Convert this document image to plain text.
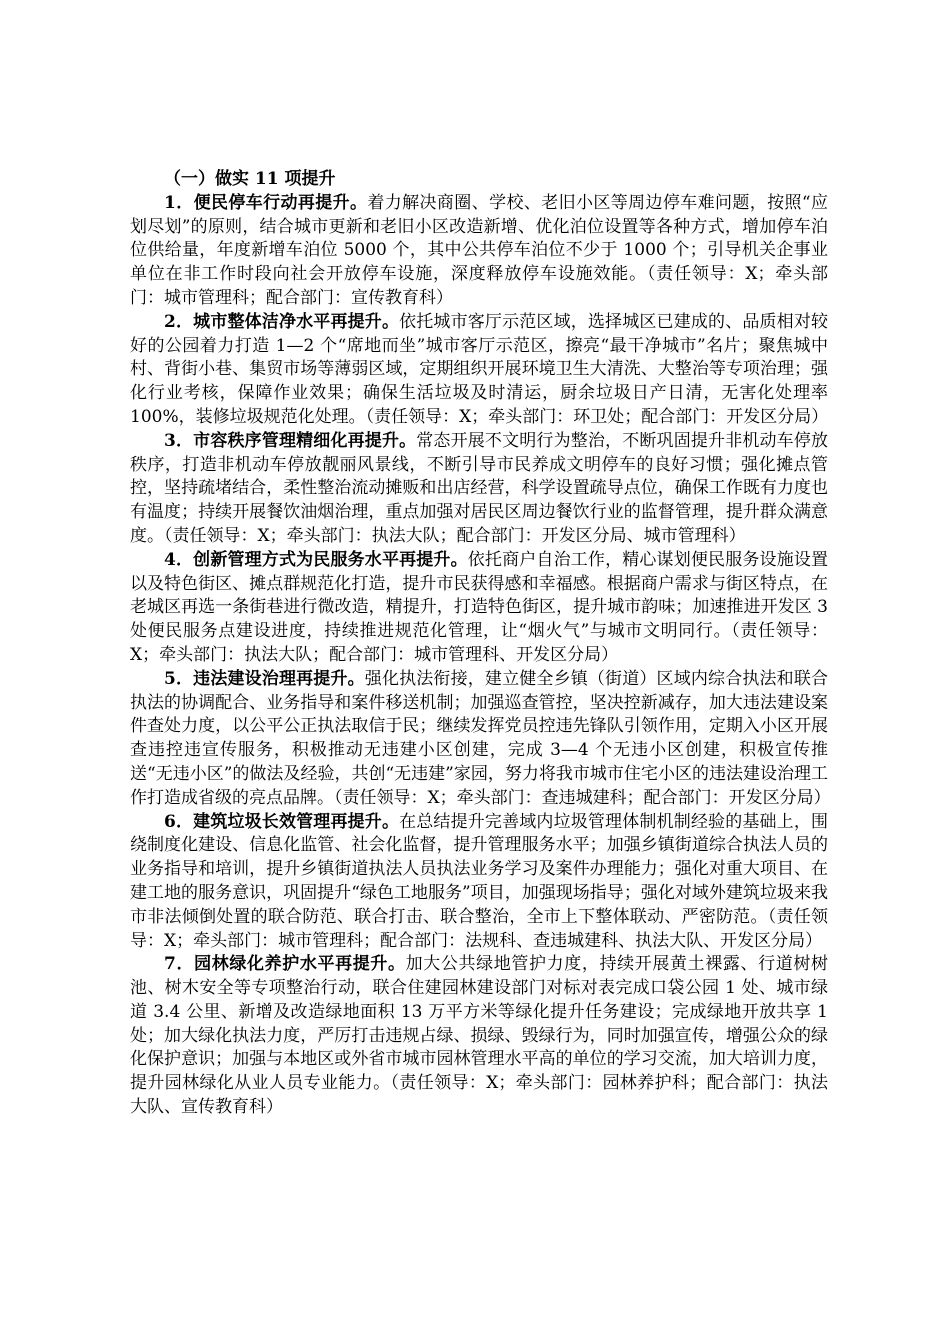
（一）做实 11 项提升

1．便民停车行动再提升。着力解决商圈、学校、老旧小区等周边停车难问题，按照“应划尽划”的原则，结合城市更新和老旧小区改造新增、优化泊位设置等各种方式，增加停车泊位供给量，年度新增车泊位 5000 个，其中公共停车泊位不少于 1000 个；引导机关企事业单位在非工作时段向社会开放停车设施，深度释放停车设施效能。（责任领导：X；牵头部门：城市管理科；配合部门：宣传教育科）

2．城市整体洁净水平再提升。依托城市客厅示范区域，选择城区已建成的、品质相对较好的公园着力打造 1—2 个“席地而坐”城市客厅示范区，擦亮“最干净城市”名片；聚焦城中村、背街小巷、集贸市场等薄弱区域，定期组织开展环境卫生大清洗、大整治等专项治理；强化行业考核，保障作业效果；确保生活垃圾及时清运，厨余垃圾日产日清，无害化处理率 100%，装修垃圾规范化处理。（责任领导：X；牵头部门：环卫处；配合部门：开发区分局）

3．市容秩序管理精细化再提升。常态开展不文明行为整治，不断巩固提升非机动车停放秩序，打造非机动车停放靓丽风景线，不断引导市民养成文明停车的良好习惯；强化摊点管控，坚持疏堵结合，柔性整治流动摊贩和出店经营，科学设置疏导点位，确保工作既有力度也有温度；持续开展餐饮油烟治理，重点加强对居民区周边餐饮行业的监督管理，提升群众满意度。（责任领导：X；牵头部门：执法大队；配合部门：开发区分局、城市管理科）

4．创新管理方式为民服务水平再提升。依托商户自治工作，精心谋划便民服务设施设置以及特色街区、摊点群规范化打造，提升市民获得感和幸福感。根据商户需求与街区特点，在老城区再选一条街巷进行微改造，精提升，打造特色街区，提升城市韵味；加速推进开发区 3 处便民服务点建设进度，持续推进规范化管理，让“烟火气”与城市文明同行。（责任领导：X；牵头部门：执法大队；配合部门：城市管理科、开发区分局）

5．违法建设治理再提升。强化执法衔接，建立健全乡镇（街道）区域内综合执法和联合执法的协调配合、业务指导和案件移送机制；加强巡查管控，坚决控新减存，加大违法建设案件查处力度，以公平公正执法取信于民；继续发挥党员控违先锋队引领作用，定期入小区开展查违控违宣传服务，积极推动无违建小区创建，完成 3—4 个无违小区创建，积极宣传推送“无违小区”的做法及经验，共创“无违建”家园，努力将我市城市住宅小区的违法建设治理工作打造成省级的亮点品牌。（责任领导：X；牵头部门：查违城建科；配合部门：开发区分局）

6．建筑垃圾长效管理再提升。在总结提升完善域内垃圾管理体制机制经验的基础上，围绕制度化建设、信息化监管、社会化监督，提升管理服务水平；加强乡镇街道综合执法人员的业务指导和培训，提升乡镇街道执法人员执法业务学习及案件办理能力；强化对重大项目、在建工地的服务意识，巩固提升“绿色工地服务”项目，加强现场指导；强化对域外建筑垃圾来我市非法倾倒处置的联合防范、联合打击、联合整治，全市上下整体联动、严密防范。（责任领导：X；牵头部门：城市管理科；配合部门：法规科、查违城建科、执法大队、开发区分局）

7．园林绿化养护水平再提升。加大公共绿地管护力度，持续开展黄土裸露、行道树树池、树木安全等专项整治行动，联合住建园林建设部门对标对表完成口袋公园 1 处、城市绿道 3.4 公里、新增及改造绿地面积 13 万平方米等绿化提升任务建设；完成绿地开放共享 1 处；加大绿化执法力度，严厉打击违规占绿、损绿、毁绿行为，同时加强宣传，增强公众的绿化保护意识；加强与本地区或外省市城市园林管理水平高的单位的学习交流，加大培训力度，提升园林绿化从业人员专业能力。（责任领导：X；牵头部门：园林养护科；配合部门：执法大队、宣传教育科）
